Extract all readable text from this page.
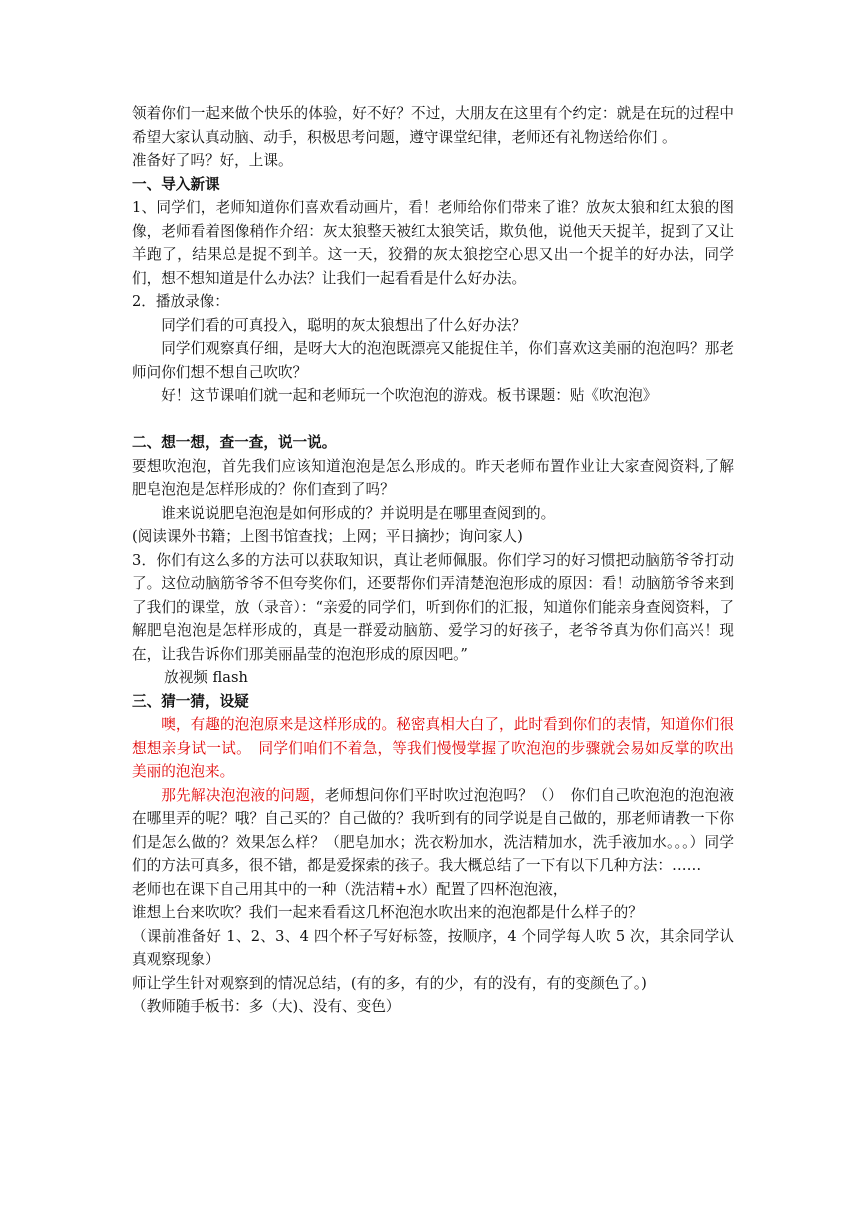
领着你们一起来做个快乐的体验，好不好？不过，大朋友在这里有个约定：就是在玩的过程中希望大家认真动脑、动手，积极思考问题，遵守课堂纪律，老师还有礼物送给你们 。

准备好了吗？好，上课。

一、导入新课

1、同学们，老师知道你们喜欢看动画片，看！老师给你们带来了谁？放灰太狼和红太狼的图像，老师看着图像稍作介绍：灰太狼整天被红太狼笑话，欺负他，说他天天捉羊，捉到了又让羊跑了，结果总是捉不到羊。这一天，狡猾的灰太狼挖空心思又出一个捉羊的好办法，同学们，想不想知道是什么办法？让我们一起看看是什么好办法。

2．播放录像：

同学们看的可真投入，聪明的灰太狼想出了什么好办法？

同学们观察真仔细，是呀大大的泡泡既漂亮又能捉住羊，你们喜欢这美丽的泡泡吗？那老师问你们想不想自己吹吹？

好！这节课咱们就一起和老师玩一个吹泡泡的游戏。板书课题：贴《吹泡泡》

二、想一想，查一查，说一说。

要想吹泡泡，首先我们应该知道泡泡是怎么形成的。昨天老师布置作业让大家查阅资料,了解肥皂泡泡是怎样形成的？你们查到了吗？

谁来说说肥皂泡泡是如何形成的？并说明是在哪里查阅到的。

(阅读课外书籍；上图书馆查找；上网；平日摘抄；询问家人)

3．你们有这么多的方法可以获取知识，真让老师佩服。你们学习的好习惯把动脑筋爷爷打动了。这位动脑筋爷爷不但夸奖你们，还要帮你们弄清楚泡泡形成的原因：看！动脑筋爷爷来到了我们的课堂，放（录音）：“亲爱的同学们，听到你们的汇报，知道你们能亲身查阅资料，了解肥皂泡泡是怎样形成的，真是一群爱动脑筋、爱学习的好孩子，老爷爷真为你们高兴！现在，让我告诉你们那美丽晶莹的泡泡形成的原因吧。”

放视频 flash

三、猜一猜，设疑

噢，有趣的泡泡原来是这样形成的。秘密真相大白了，此时看到你们的表情，知道你们很想想亲身试一试。　同学们咱们不着急，等我们慢慢掌握了吹泡泡的步骤就会易如反掌的吹出美丽的泡泡来。

那先解决泡泡液的问题，老师想问你们平时吹过泡泡吗？（）　你们自己吹泡泡的泡泡液在哪里弄的呢？哦？自己买的？自己做的？我听到有的同学说是自己做的，那老师请教一下你们是怎么做的？效果怎么样？（肥皂加水；洗衣粉加水，洗洁精加水，洗手液加水。。。）同学们的方法可真多，很不错，都是爱探索的孩子。我大概总结了一下有以下几种方法：……

老师也在课下自己用其中的一种（洗洁精+水）配置了四杯泡泡液，

谁想上台来吹吹？我们一起来看看这几杯泡泡水吹出来的泡泡都是什么样子的？

（课前准备好 1、2、3、4 四个杯子写好标签，按顺序，4 个同学每人吹 5 次，其余同学认真观察现象）

师让学生针对观察到的情况总结，(有的多，有的少，有的没有，有的变颜色了。)

（教师随手板书：多（大)、没有、变色）
